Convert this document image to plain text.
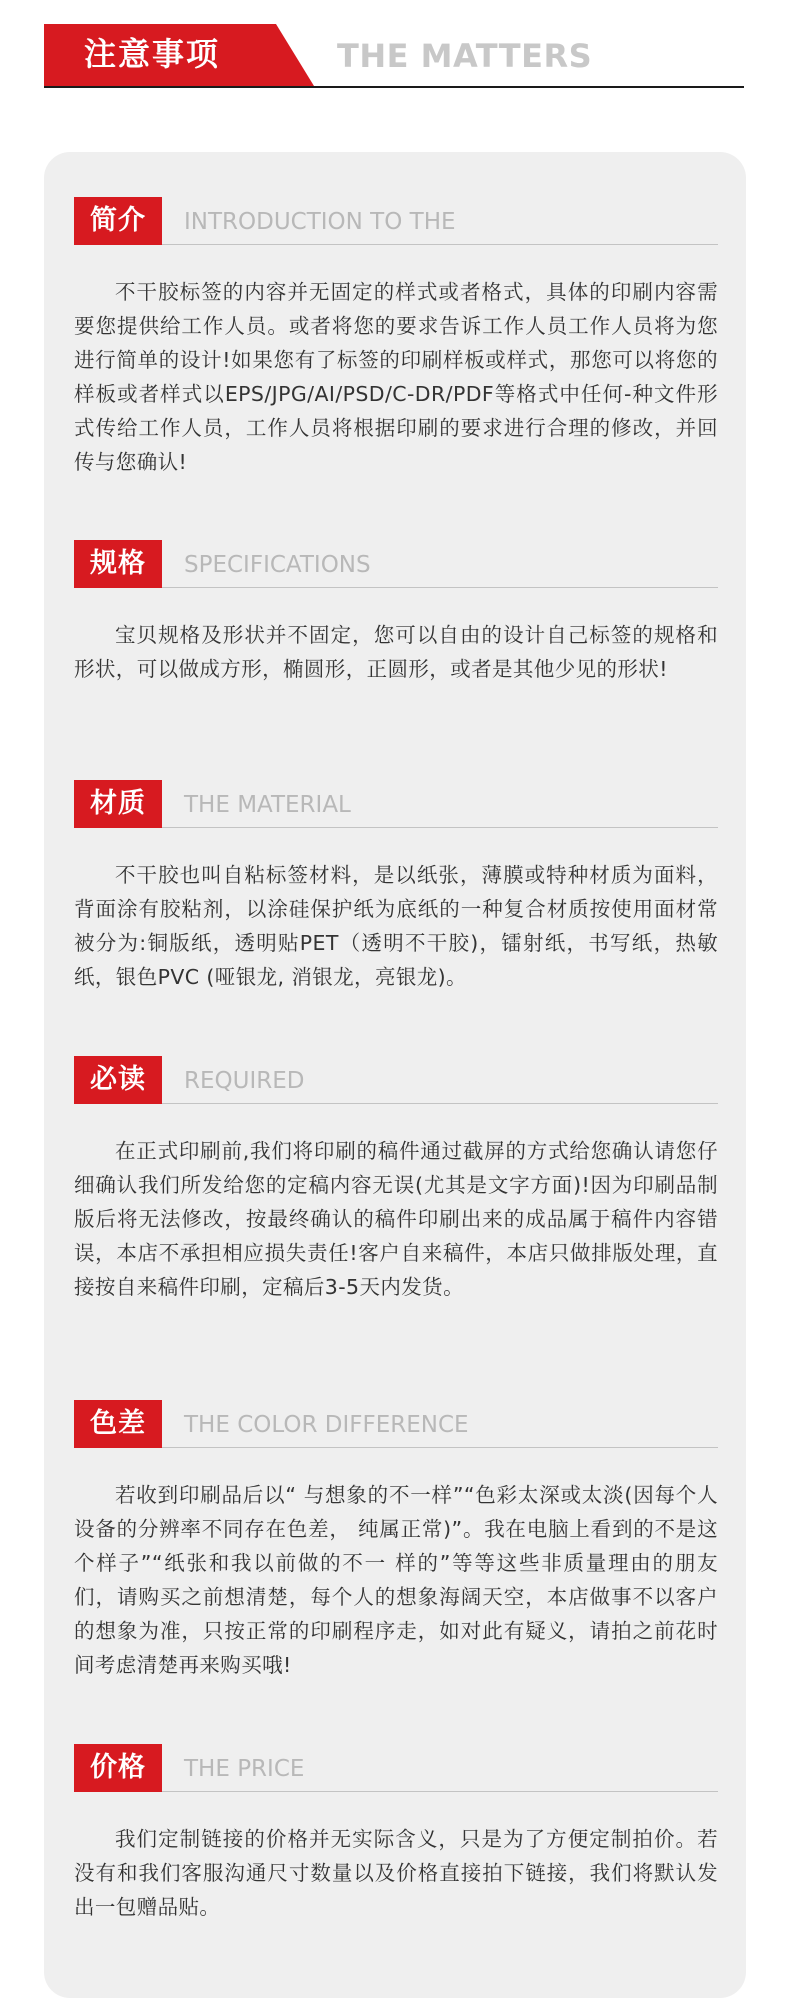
注意事项	THE MATTERS
简介	INTRODUCTION TO THE

不干胶标签的内容并无固定的样式或者格式，具体的印刷内容需要您提供给工作人员。或者将您的要求告诉工作人员工作人员将为您进行简单的设计!如果您有了标签的印刷样板或样式，那您可以将您的样板或者样式以EPS/JPG/AI/PSD/C-DR/PDF等格式中任何-种文件形式传给工作人员，工作人员将根据印刷的要求进行合理的修改，并回传与您确认!

规格	SPECIFICATIONS

宝贝规格及形状并不固定，您可以自由的设计自己标签的规格和形状，可以做成方形，椭圆形，正圆形，或者是其他少见的形状!

材质	THE MATERIAL

不干胶也叫自粘标签材料，是以纸张，薄膜或特种材质为面料，背面涂有胶粘剂，以涂硅保护纸为底纸的一种复合材质按使用面材常被分为:铜版纸，透明贴PET（透明不干胶)，镭射纸，书写纸，热敏纸，银色PVC (哑银龙, 消银龙，亮银龙)。

必读	REQUIRED

在正式印刷前,我们将印刷的稿件通过截屏的方式给您确认请您仔细确认我们所发给您的定稿内容无误(尤其是文字方面)!因为印刷品制版后将无法修改，按最终确认的稿件印刷出来的成品属于稿件内容错误，本店不承担相应损失责任!客户自来稿件，本店只做排版处理，直接按自来稿件印刷，定稿后3-5天内发货。

色差	THE COLOR DIFFERENCE

若收到印刷品后以“ 与想象的不一样”“色彩太深或太淡(因每个人设备的分辨率不同存在色差， 纯属正常)”。我在电脑上看到的不是这个样子”“纸张和我以前做的不一 样的”等等这些非质量理由的朋友们，请购买之前想清楚，每个人的想象海阔天空，本店做事不以客户的想象为准，只按正常的印刷程序走，如对此有疑义，请拍之前花时间考虑清楚再来购买哦!

价格	THE PRICE

我们定制链接的价格并无实际含义，只是为了方便定制拍价。若没有和我们客服沟通尺寸数量以及价格直接拍下链接，我们将默认发出一包赠品贴。
